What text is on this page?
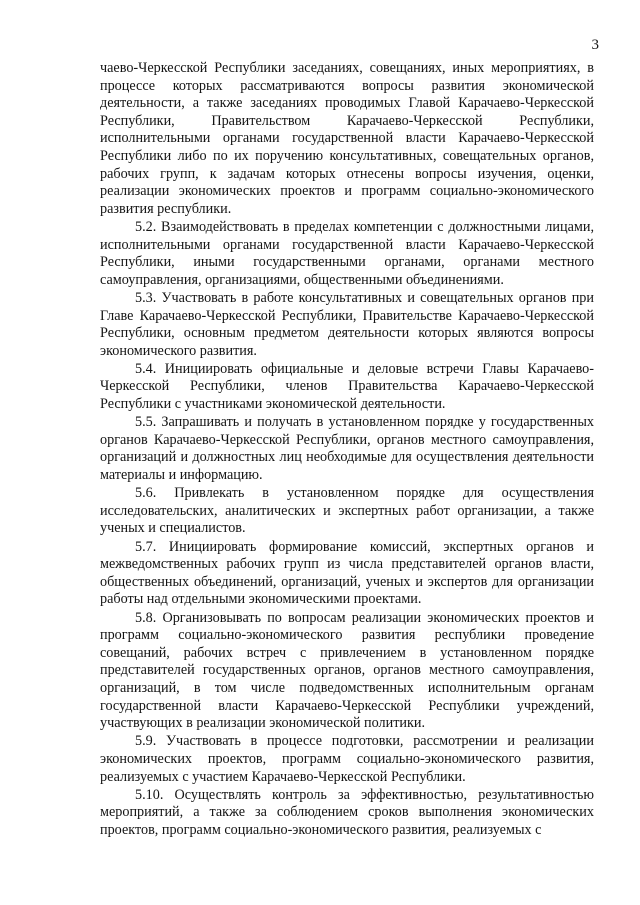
3

чаево-Черкесской Республики заседаниях, совещаниях, иных мероприятиях, в процессе которых рассматриваются вопросы развития экономической деятельности, а также заседаниях проводимых Главой Карачаево-Черкесской Республики, Правительством Карачаево-Черкесской Республики, исполнительными органами государственной власти Карачаево-Черкесской Республики либо по их поручению консультативных, совещательных органов, рабочих групп, к задачам которых отнесены вопросы изучения, оценки, реализации экономических проектов и программ социально-экономического развития республики.

5.2. Взаимодействовать в пределах компетенции с должностными лицами, исполнительными органами государственной власти Карачаево-Черкесской Республики, иными государственными органами, органами местного самоуправления, организациями, общественными объединениями.

5.3. Участвовать в работе консультативных и совещательных органов при Главе Карачаево-Черкесской Республики, Правительстве Карачаево-Черкесской Республики, основным предметом деятельности которых являются вопросы экономического развития.

5.4. Инициировать официальные и деловые встречи Главы Карачаево-Черкесской Республики, членов Правительства Карачаево-Черкесской Республики с участниками экономической деятельности.

5.5. Запрашивать и получать в установленном порядке у государственных органов Карачаево-Черкесской Республики, органов местного самоуправления, организаций и должностных лиц необходимые для осуществления деятельности материалы и информацию.

5.6. Привлекать в установленном порядке для осуществления исследовательских, аналитических и экспертных работ организации, а также ученых и специалистов.

5.7. Инициировать формирование комиссий, экспертных органов и межведомственных рабочих групп из числа представителей органов власти, общественных объединений, организаций, ученых и экспертов для организации работы над отдельными экономическими проектами.

5.8. Организовывать по вопросам реализации экономических проектов и программ социально-экономического развития республики проведение совещаний, рабочих встреч с привлечением в установленном порядке представителей государственных органов, органов местного самоуправления, организаций, в том числе подведомственных исполнительным органам государственной власти Карачаево-Черкесской Республики учреждений, участвующих в реализации экономической политики.

5.9. Участвовать в процессе подготовки, рассмотрении и реализации экономических проектов, программ социально-экономического развития, реализуемых с участием Карачаево-Черкесской Республики.

5.10. Осуществлять контроль за эффективностью, результативностью мероприятий, а также за соблюдением сроков выполнения экономических проектов, программ социально-экономического развития, реализуемых с
